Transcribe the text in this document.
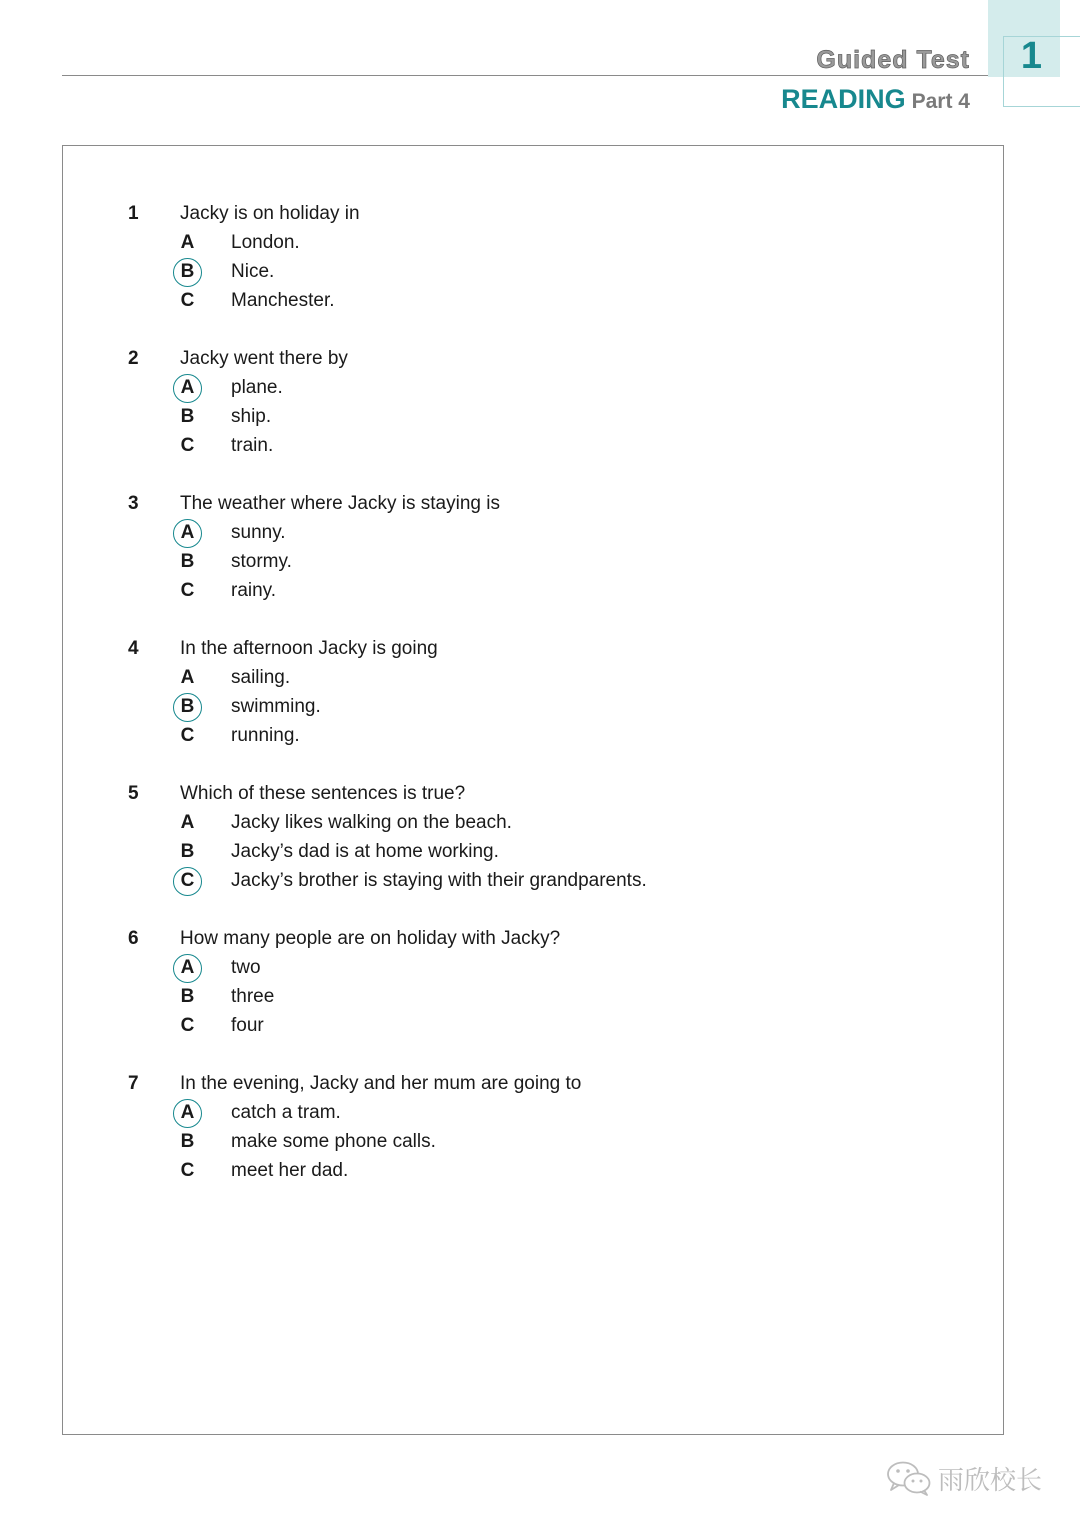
1
Guided Test
READING Part 4
1 Jacky is on holiday in
A	London.
B	Nice.
C	Manchester.
2 Jacky went there by
A	plane.
B	ship.
C	train.
3 The weather where Jacky is staying is
A	sunny.
B	stormy.
C	rainy.
4 In the afternoon Jacky is going
A	sailing.
B	swimming.
C	running.
5 Which of these sentences is true?
A	Jacky likes walking on the beach.
B	Jacky’s dad is at home working.
C	Jacky’s brother is staying with their grandparents.
6 How many people are on holiday with Jacky?
A	two
B	three
C	four
7 In the evening, Jacky and her mum are going to
A	catch a tram.
B	make some phone calls.
C	meet her dad.
雨欣校长
